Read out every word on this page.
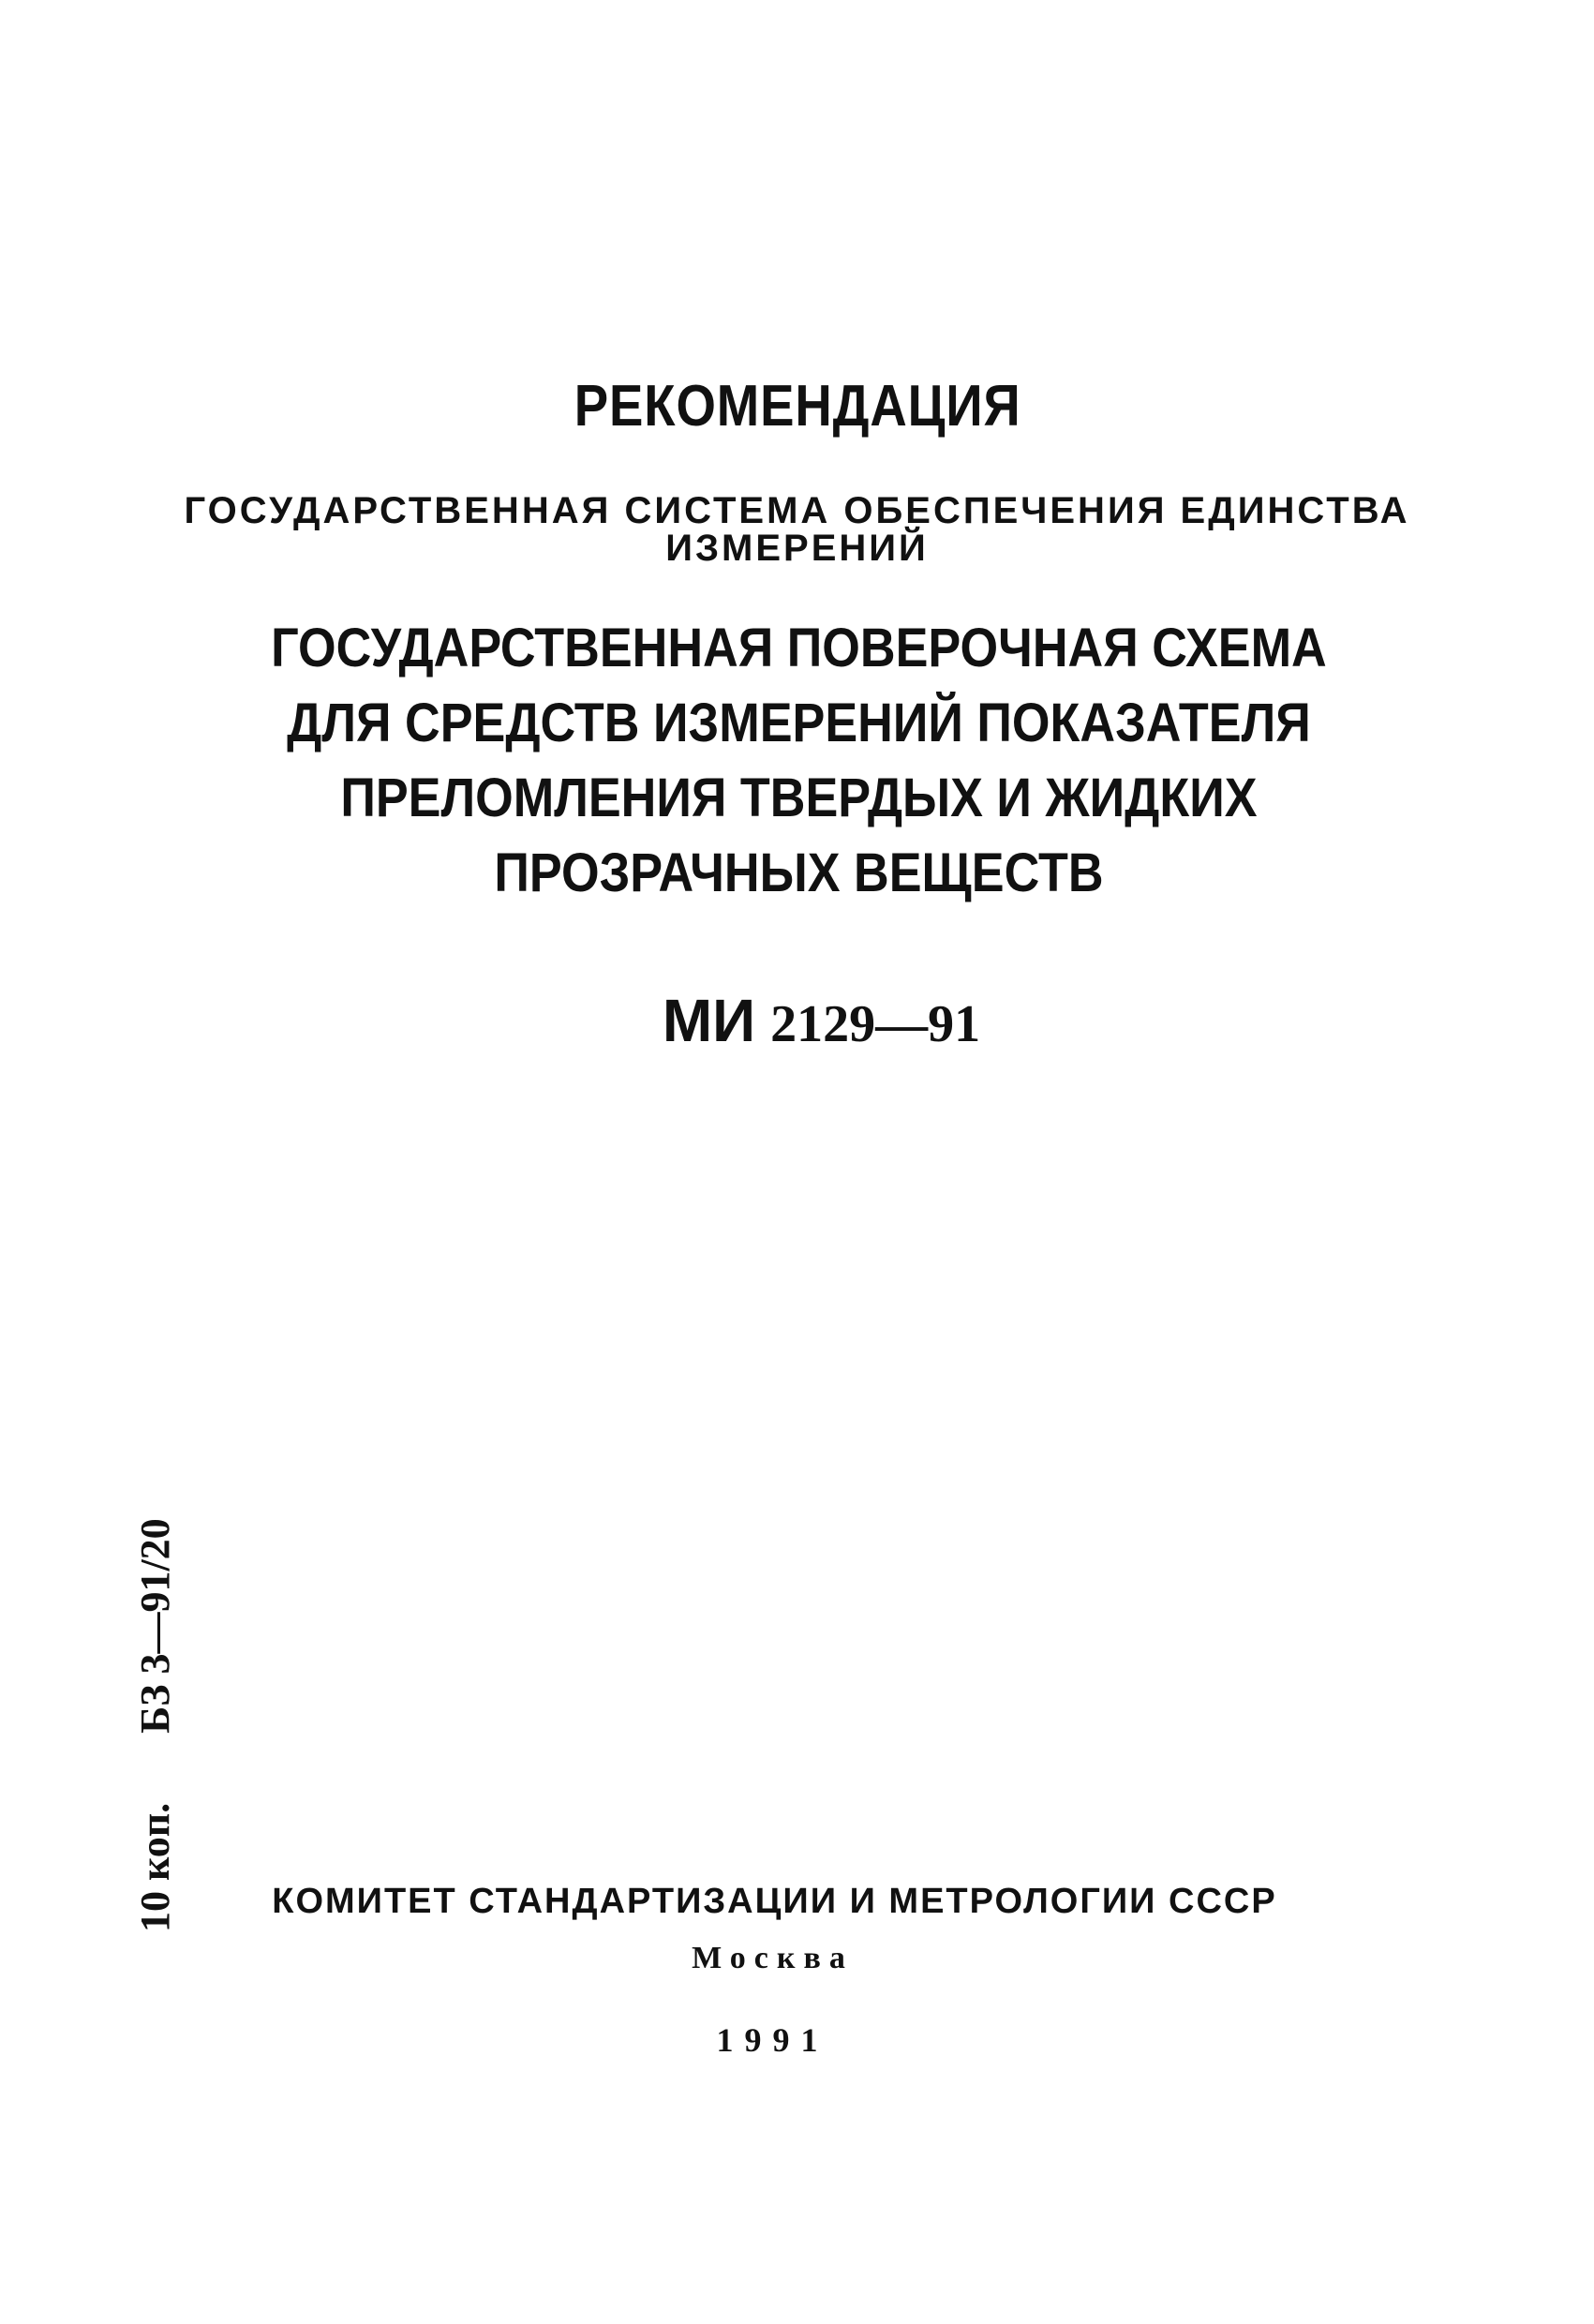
РЕКОМЕНДАЦИЯ
ГОСУДАРСТВЕННАЯ СИСТЕМА ОБЕСПЕЧЕНИЯ ЕДИНСТВА
ИЗМЕРЕНИЙ
ГОСУДАРСТВЕННАЯ ПОВЕРОЧНАЯ СХЕМА
ДЛЯ СРЕДСТВ ИЗМЕРЕНИЙ ПОКАЗАТЕЛЯ
ПРЕЛОМЛЕНИЯ ТВЕРДЫХ И ЖИДКИХ
ПРОЗРАЧНЫХ ВЕЩЕСТВ
МИ 2129—91
10 коп.БЗ 3—91/20
КОМИТЕТ СТАНДАРТИЗАЦИИ И МЕТРОЛОГИИ СССР
Москва
1991
